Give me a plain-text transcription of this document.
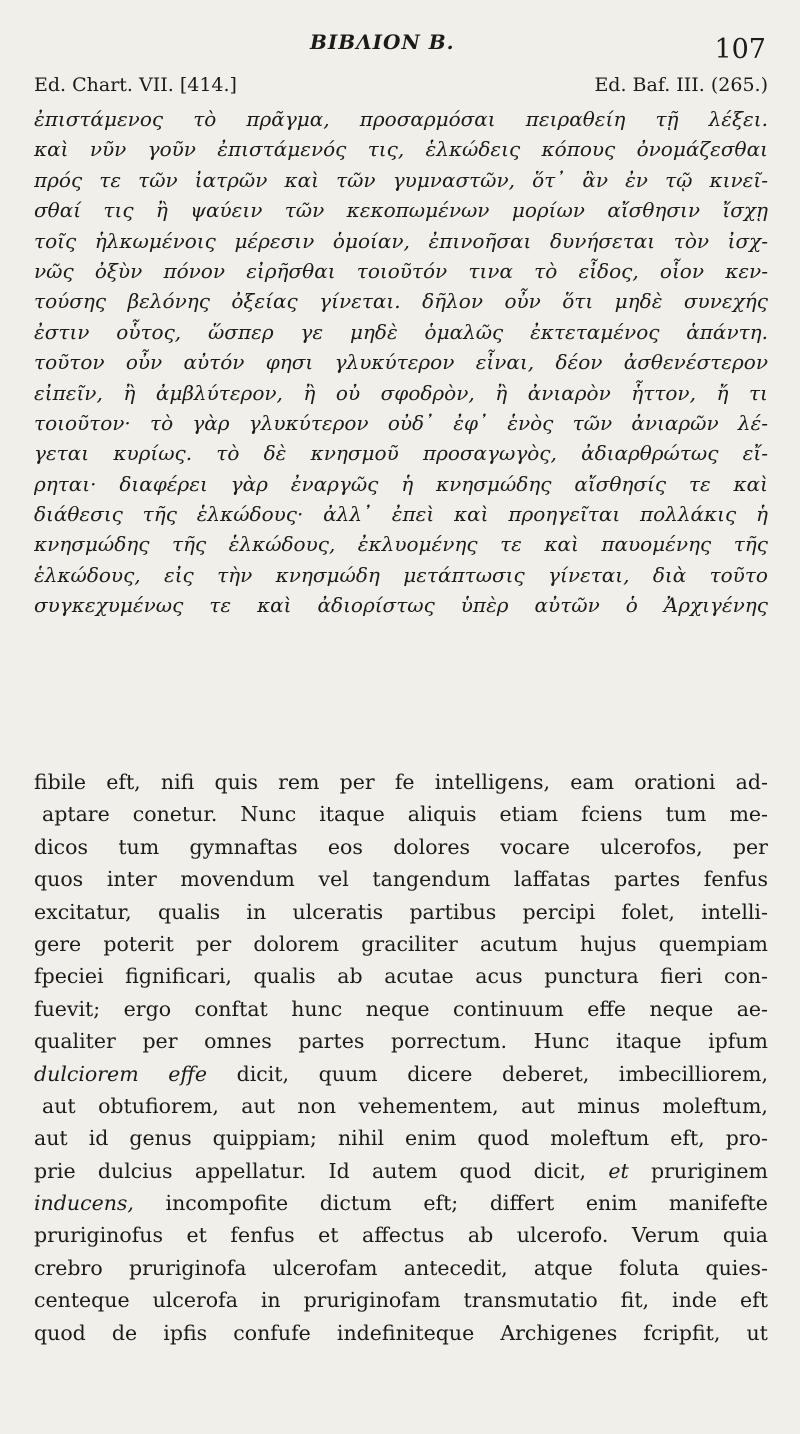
ΒΙΒΛΙΟΝ Β.	107
Ed. Chart. VII. [414.]	Ed. Baf. III. (265.)
ἐπιστάμενος τὸ πρᾶγμα, προσαρμόσαι πειραθείη τῇ λέξει.
καὶ νῦν γοῦν ἐπιστάμενός τις, ἑλκώδεις κόπους ὀνομάζεσθαι
πρός τε τῶν ἰατρῶν καὶ τῶν γυμναστῶν, ὅτ᾽ ἂν ἐν τῷ κινεῖ-
σθαί τις ἢ ψαύειν τῶν κεκοπωμένων μορίων αἴσθησιν ἴσχῃ
τοῖς ἡλκωμένοις μέρεσιν ὁμοίαν, ἐπινοῆσαι δυνήσεται τὸν ἰσχ-
νῶς ὀξὺν πόνον εἰρῆσθαι τοιοῦτόν τινα τὸ εἶδος, οἷον κεν-
τούσης βελόνης ὀξείας γίνεται. δῆλον οὖν ὅτι μηδὲ συνεχής
ἐστιν οὗτος, ὥσπερ γε μηδὲ ὁμαλῶς ἐκτεταμένος ἁπάντη.
τοῦτον οὖν αὐτόν φησι γλυκύτερον εἶναι, δέον ἀσθενέστερον
εἰπεῖν, ἢ ἀμβλύτερον, ἢ οὐ σφοδρὸν, ἢ ἀνιαρὸν ἧττον, ἤ τι
τοιοῦτον· τὸ γὰρ γλυκύτερον οὐδ᾽ ἐφ᾽ ἑνὸς τῶν ἀνιαρῶν λέ-
γεται κυρίως. τὸ δὲ κνησμοῦ προσαγωγὸς, ἀδιαρθρώτως εἴ-
ρηται· διαφέρει γὰρ ἐναργῶς ἡ κνησμώδης αἴσθησίς τε καὶ
διάθεσις τῆς ἑλκώδους· ἀλλ᾽ ἐπεὶ καὶ προηγεῖται πολλάκις ἡ
κνησμώδης τῆς ἑλκώδους, ἐκλυομένης τε καὶ παυομένης τῆς
ἑλκώδους, εἰς τὴν κνησμώδη μετάπτωσις γίνεται, διὰ τοῦτο
συγκεχυμένως τε καὶ ἀδιορίστως ὑπὲρ αὐτῶν ὁ Ἀρχιγένης
fibile eft, nifi quis rem per fe intelligens, eam orationi ad-
aptare conetur. Nunc itaque aliquis etiam fciens tum me-
dicos tum gymnaftas eos dolores vocare ulcerofos, per
quos inter movendum vel tangendum laffatas partes fenfus
excitatur, qualis in ulceratis partibus percipi folet, intelli-
gere poterit per dolorem graciliter acutum hujus quempiam
fpeciei fignificari, qualis ab acutae acus punctura fieri con-
fuevit; ergo conftat hunc neque continuum effe neque ae-
qualiter per omnes partes porrectum. Hunc itaque ipfum
dulciorem effe dicit, quum dicere deberet, imbecilliorem,
aut obtufiorem, aut non vehementem, aut minus moleftum,
aut id genus quippiam; nihil enim quod moleftum eft, pro-
prie dulcius appellatur. Id autem quod dicit, et pruriginem
inducens, incompofite dictum eft; differt enim manifefte
pruriginofus et fenfus et affectus ab ulcerofo. Verum quia
crebro pruriginofa ulcerofam antecedit, atque foluta quies-
centeque ulcerofa in pruriginofam transmutatio fit, inde eft
quod de ipfis confufe indefiniteque Archigenes fcripfit, ut
